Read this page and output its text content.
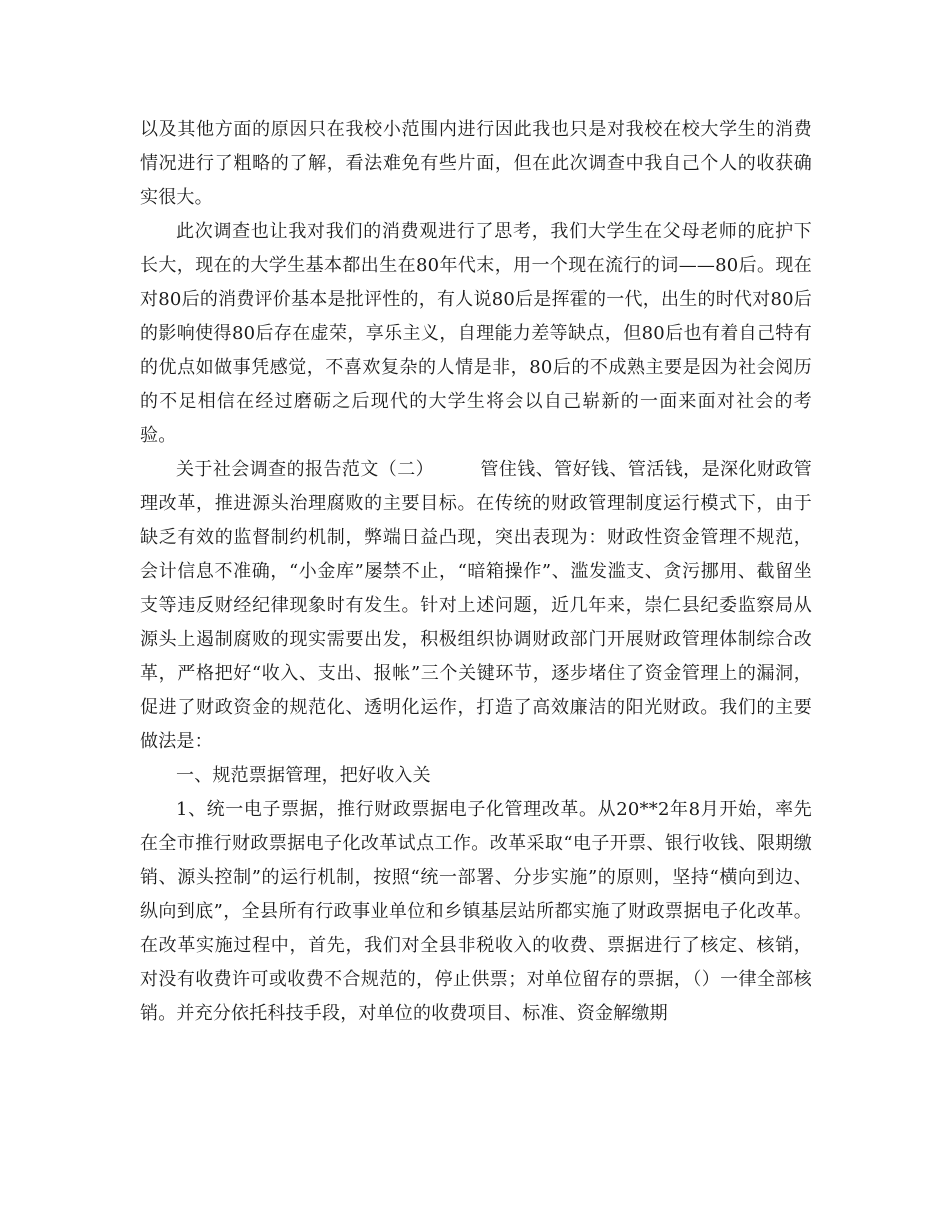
以及其他方面的原因只在我校小范围内进行因此我也只是对我校在校大学生的消费情况进行了粗略的了解，看法难免有些片面，但在此次调查中我自己个人的收获确实很大。

此次调查也让我对我们的消费观进行了思考，我们大学生在父母老师的庇护下长大，现在的大学生基本都出生在80年代末，用一个现在流行的词——80后。现在对80后的消费评价基本是批评性的，有人说80后是挥霍的一代，出生的时代对80后的影响使得80后存在虚荣，享乐主义，自理能力差等缺点，但80后也有着自己特有的优点如做事凭感觉，不喜欢复杂的人情是非，80后的不成熟主要是因为社会阅历的不足相信在经过磨砺之后现代的大学生将会以自己崭新的一面来面对社会的考验。

关于社会调查的报告范文（二）　　　管住钱、管好钱、管活钱，是深化财政管理改革，推进源头治理腐败的主要目标。在传统的财政管理制度运行模式下，由于缺乏有效的监督制约机制，弊端日益凸现，突出表现为：财政性资金管理不规范，会计信息不准确，“小金库”屡禁不止，“暗箱操作”、滥发滥支、贪污挪用、截留坐支等违反财经纪律现象时有发生。针对上述问题，近几年来，崇仁县纪委监察局从源头上遏制腐败的现实需要出发，积极组织协调财政部门开展财政管理体制综合改革，严格把好“收入、支出、报帐”三个关键环节，逐步堵住了资金管理上的漏洞，促进了财政资金的规范化、透明化运作，打造了高效廉洁的阳光财政。我们的主要做法是：

一、规范票据管理，把好收入关

1、统一电子票据，推行财政票据电子化管理改革。从20**2年8月开始，率先在全市推行财政票据电子化改革试点工作。改革采取“电子开票、银行收钱、限期缴销、源头控制”的运行机制，按照“统一部署、分步实施”的原则，坚持“横向到边、纵向到底”，全县所有行政事业单位和乡镇基层站所都实施了财政票据电子化改革。在改革实施过程中，首先，我们对全县非税收入的收费、票据进行了核定、核销，对没有收费许可或收费不合规范的，停止供票；对单位留存的票据，（）一律全部核销。并充分依托科技手段，对单位的收费项目、标准、资金解缴期
